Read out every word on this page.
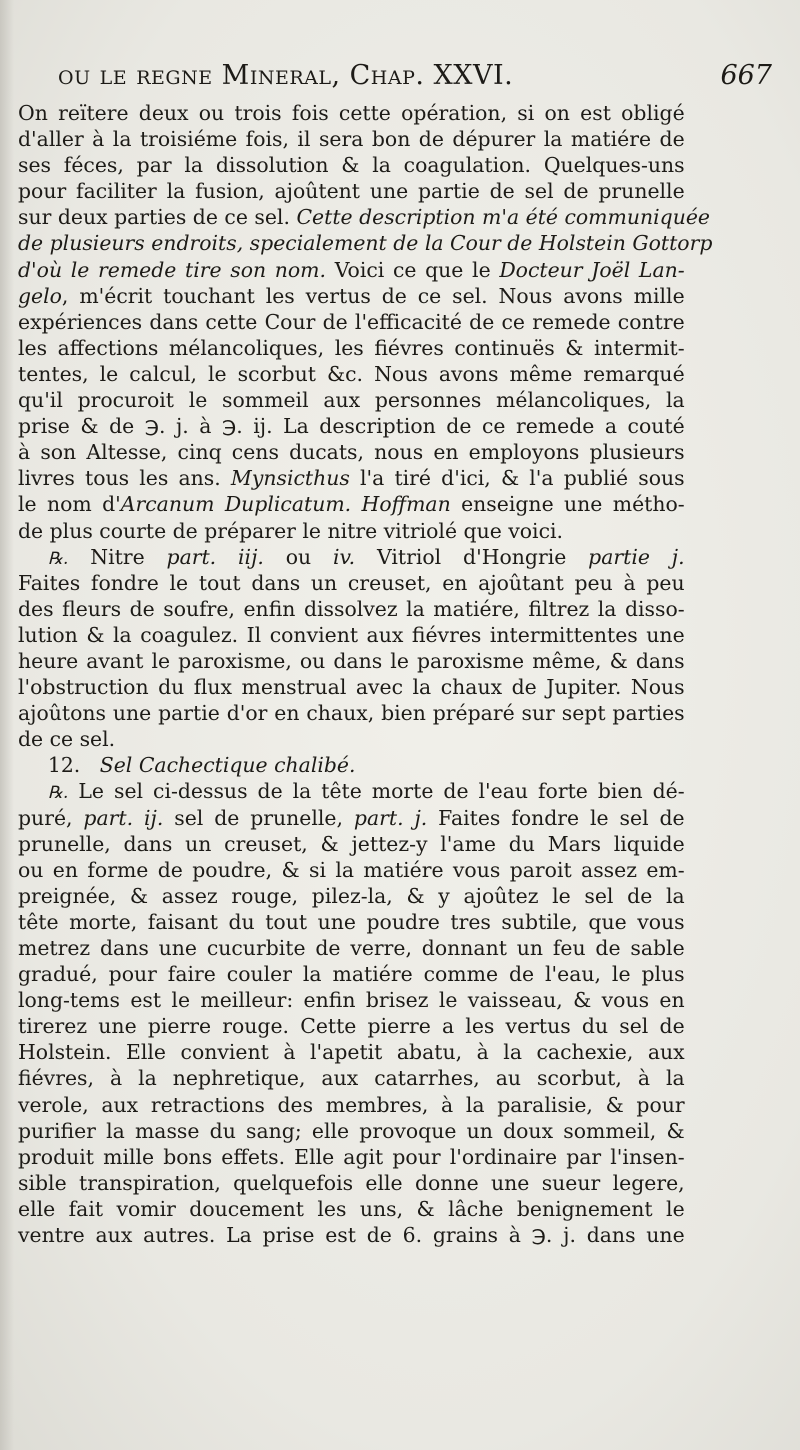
ou le regne Mineral, Chap. XXVI.	667
On reïtere deux ou trois fois cette opération, si on est obligé
d'aller à la troisiéme fois, il sera bon de dépurer la matiére de
ses féces, par la dissolution & la coagulation. Quelques-uns
pour faciliter la fusion, ajoûtent une partie de sel de prunelle
sur deux parties de ce sel. Cette description m'a été communiquée
de plusieurs endroits, specialement de la Cour de Holstein Gottorp
d'où le remede tire son nom. Voici ce que le Docteur Joël Lan-
gelo, m'écrit touchant les vertus de ce sel. Nous avons mille
expériences dans cette Cour de l'efficacité de ce remede contre
les affections mélancoliques, les fiévres continuës & intermit-
tentes, le calcul, le scorbut &c. Nous avons même remarqué
qu'il procuroit le sommeil aux personnes mélancoliques, la
prise & de ℈. j. à ℈. ij. La description de ce remede a couté
à son Altesse, cinq cens ducats, nous en employons plusieurs
livres tous les ans. Mynsicthus l'a tiré d'ici, & l'a publié sous
le nom d'Arcanum Duplicatum. Hoffman enseigne une métho-
de plus courte de préparer le nitre vitriolé que voici.
℞. Nitre part. iij. ou iv. Vitriol d'Hongrie partie j.
Faites fondre le tout dans un creuset, en ajoûtant peu à peu
des fleurs de soufre, enfin dissolvez la matiére, filtrez la disso-
lution & la coagulez. Il convient aux fiévres intermittentes une
heure avant le paroxisme, ou dans le paroxisme même, & dans
l'obstruction du flux menstrual avec la chaux de Jupiter. Nous
ajoûtons une partie d'or en chaux, bien préparé sur sept parties
de ce sel.
12. Sel Cachectique chalibé.
℞. Le sel ci-dessus de la tête morte de l'eau forte bien dé-
puré, part. ij. sel de prunelle, part. j. Faites fondre le sel de
prunelle, dans un creuset, & jettez-y l'ame du Mars liquide
ou en forme de poudre, & si la matiére vous paroit assez em-
preignée, & assez rouge, pilez-la, & y ajoûtez le sel de la
tête morte, faisant du tout une poudre tres subtile, que vous
metrez dans une cucurbite de verre, donnant un feu de sable
gradué, pour faire couler la matiére comme de l'eau, le plus
long-tems est le meilleur: enfin brisez le vaisseau, & vous en
tirerez une pierre rouge. Cette pierre a les vertus du sel de
Holstein. Elle convient à l'apetit abatu, à la cachexie, aux
fiévres, à la nephretique, aux catarrhes, au scorbut, à la
verole, aux retractions des membres, à la paralisie, & pour
purifier la masse du sang; elle provoque un doux sommeil, &
produit mille bons effets. Elle agit pour l'ordinaire par l'insen-
sible transpiration, quelquefois elle donne une sueur legere,
elle fait vomir doucement les uns, & lâche benignement le
ventre aux autres. La prise est de 6. grains à ℈. j. dans une
